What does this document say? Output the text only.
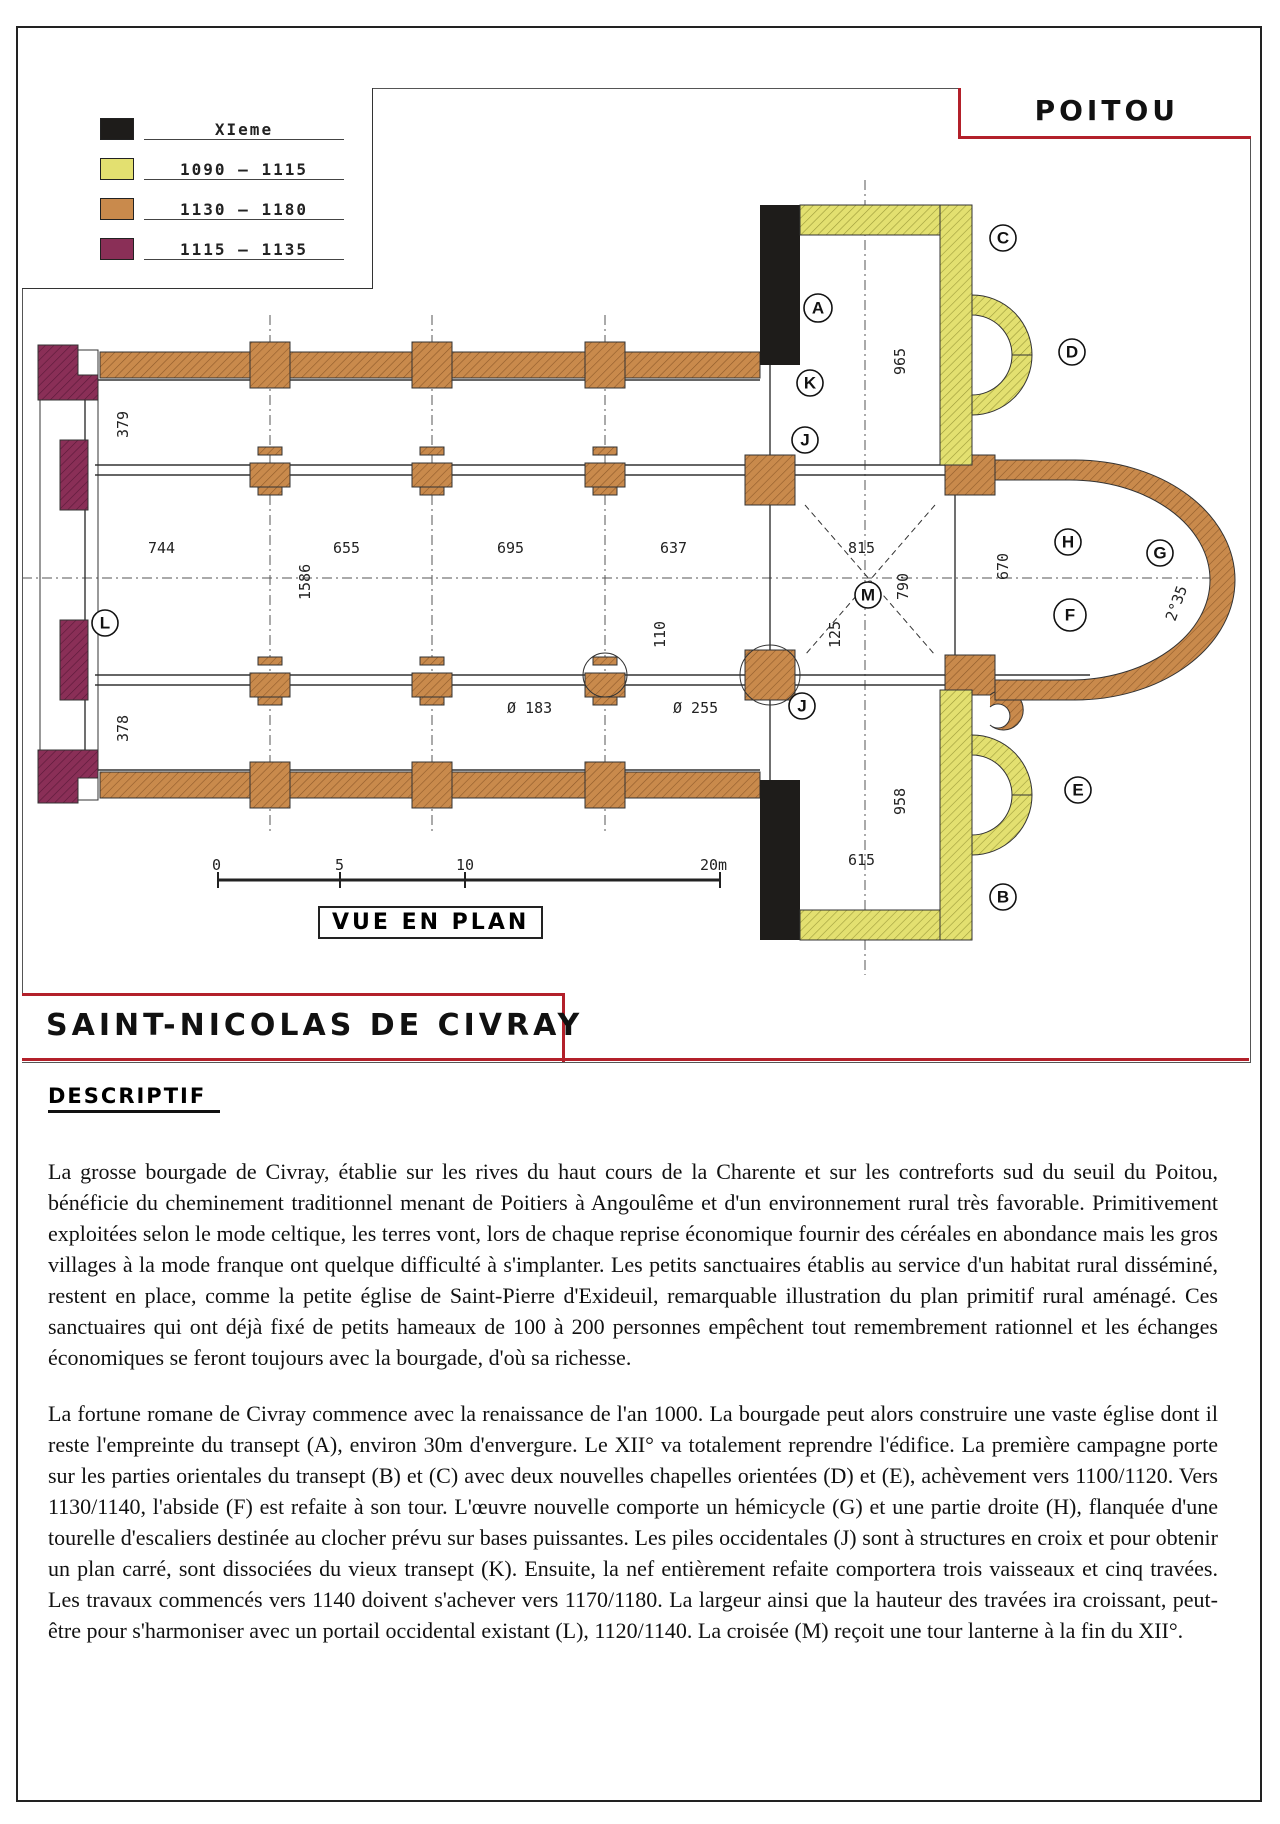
379
378
744	655	695	637	815
1586	790
670
965
958
615
110	125
Ø 183	Ø 255
2°35
A
B
C
D
E
F
G
H
J
J
K
L
M
0	5	10	20m
XIeme
1090 — 1115
1130 — 1180
1115 — 1135
POITOU
VUE EN PLAN
SAINT-NICOLAS DE CIVRAY
DESCRIPTIF

La grosse bourgade de Civray, établie sur les rives du haut cours de la Charente et sur les contreforts sud du seuil du Poitou, bénéficie du cheminement traditionnel menant de Poitiers à Angoulême et d'un environnement rural très favorable. Primitivement exploitées selon le mode celtique, les terres vont, lors de chaque reprise économique fournir des céréales en abondance mais les gros villages à la mode franque ont quelque difficulté à s'implanter. Les petits sanctuaires établis au service d'un habitat rural disséminé, restent en place, comme la petite église de Saint-Pierre d'Exideuil, remarquable illustration du plan primitif rural aménagé. Ces sanctuaires qui ont déjà fixé de petits hameaux de 100 à 200 personnes empêchent tout remembrement rationnel et les échanges économiques se feront toujours avec la bourgade, d'où sa richesse.

La fortune romane de Civray commence avec la renaissance de l'an 1000. La bourgade peut alors construire une vaste église dont il reste l'empreinte du transept (A), environ 30m d'envergure. Le XII° va totalement reprendre l'édifice. La première campagne porte sur les parties orientales du transept (B) et (C) avec deux nouvelles chapelles orientées (D) et (E), achèvement vers 1100/1120. Vers 1130/1140, l'abside (F) est refaite à son tour. L'œuvre nouvelle comporte un hémicycle (G) et une partie droite (H), flanquée d'une tourelle d'escaliers destinée au clocher prévu sur bases puissantes. Les piles occidentales (J) sont à structures en croix et pour obtenir un plan carré, sont dissociées du vieux transept (K). Ensuite, la nef entièrement refaite comportera trois vaisseaux et cinq travées. Les travaux commencés vers 1140 doivent s'achever vers 1170/1180. La largeur ainsi que la hauteur des travées ira croissant, peut-être pour s'harmoniser avec un portail occidental existant (L), 1120/1140. La croisée (M) reçoit une tour lanterne à la fin du XII°.
